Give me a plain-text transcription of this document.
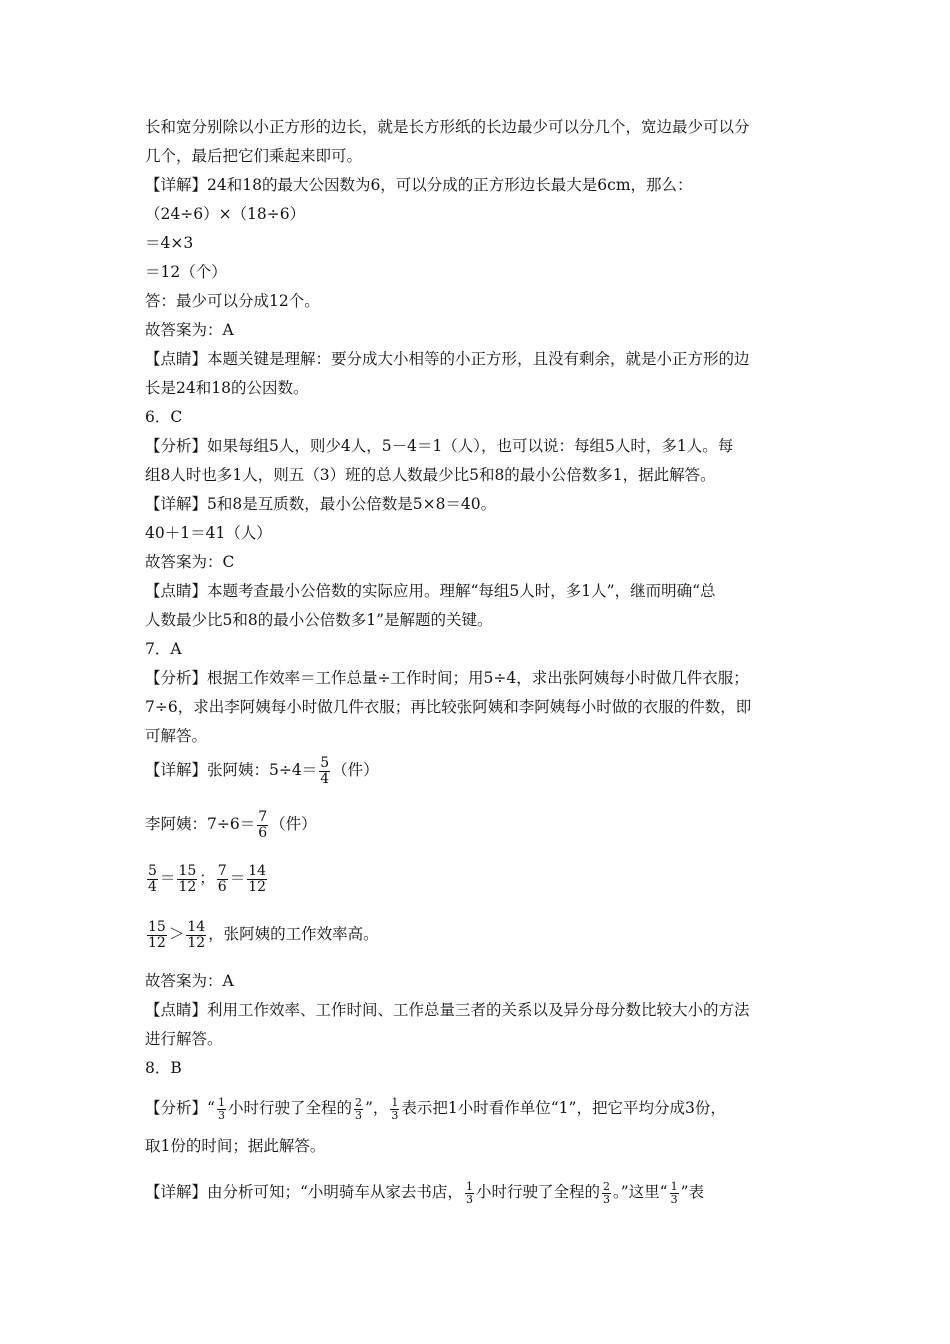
长和宽分别除以小正方形的边长，就是长方形纸的长边最少可以分几个，宽边最少可以分
几个，最后把它们乘起来即可。
【详解】24和18的最大公因数为6，可以分成的正方形边长最大是6cm，那么：
（24÷6）×（18÷6）
＝4×3
＝12（个）
答：最少可以分成12个。
故答案为：A
【点睛】本题关键是理解：要分成大小相等的小正方形，且没有剩余，就是小正方形的边
长是24和18的公因数。
6．C
【分析】如果每组5人，则少4人，5－4＝1（人），也可以说：每组5人时，多1人。每
组8人时也多1人，则五（3）班的总人数最少比5和8的最小公倍数多1，据此解答。
【详解】5和8是互质数，最小公倍数是5×8＝40。
40＋1＝41（人）
故答案为：C
【点睛】本题考查最小公倍数的实际应用。理解“每组5人时，多1人”，继而明确“总
人数最少比5和8的最小公倍数多1”是解题的关键。
7．A
【分析】根据工作效率＝工作总量÷工作时间；用5÷4，求出张阿姨每小时做几件衣服；
7÷6，求出李阿姨每小时做几件衣服；再比较张阿姨和李阿姨每小时做的衣服的件数，即
可解答。
【详解】张阿姨：$5\div 4= \frac{5}{4}$ （件）
李阿姨：$7\div 6= \frac{7}{6}$ （件）
$\frac{5}{4} = \frac{15}{12}$ ； $\frac{7}{6} = \frac{14}{12}$
$\frac{15}{12} > \frac{14}{12}$ ，张阿姨的工作效率高。
故答案为：A
【点睛】利用工作效率、工作时间、工作总量三者的关系以及异分母分数比较大小的方法
进行解答。
8．B
【分析】“ $\frac{1}{3}$ 小时行驶了全程的 $\frac{2}{3}$ ”， $\frac{1}{3}$ 表示把1小时看作单位“1”，把它平均分成3份，
取1份的时间；据此解答。
【详解】由分析可知；“小明骑车从家去书店， $\frac{1}{3}$ 小时行驶了全程的 $\frac{2}{3}$ 。”这里“ $\frac{1}{3}$ ”表
